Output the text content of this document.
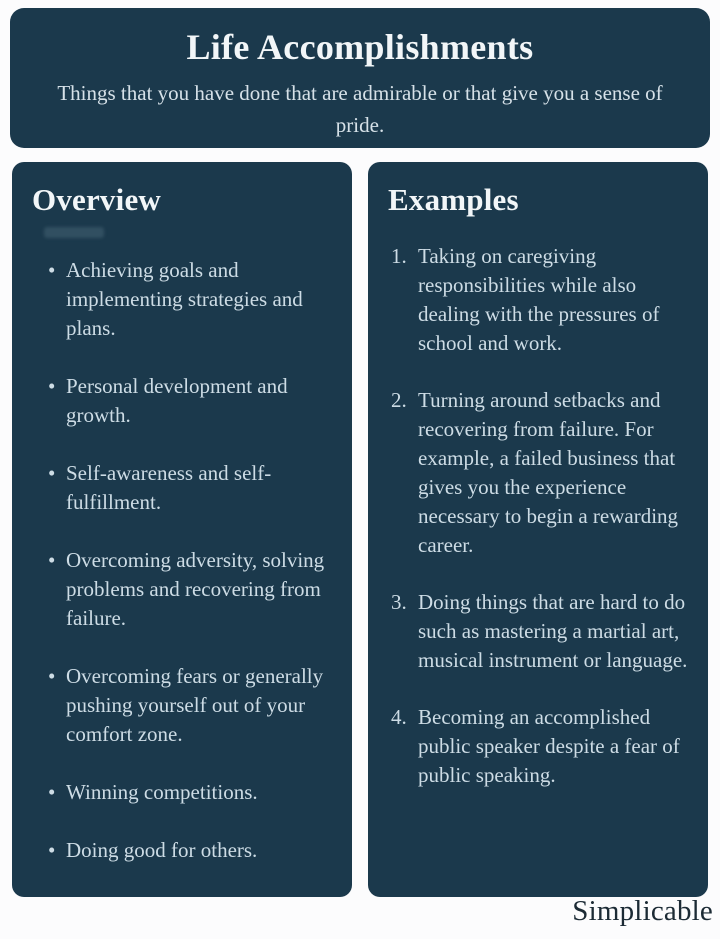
Life Accomplishments

Things that you have done that are admirable or that give you a sense of pride.

Overview
• Achieving goals and implementing strategies and plans.
• Personal development and growth.
• Self-awareness and self-fulfillment.
• Overcoming adversity, solving problems and recovering from failure.
• Overcoming fears or generally pushing yourself out of your comfort zone.
• Winning competitions.
• Doing good for others.
Examples
1. Taking on caregiving responsibilities while also dealing with the pressures of school and work.
2. Turning around setbacks and recovering from failure. For example, a failed business that gives you the experience necessary to begin a rewarding career.
3. Doing things that are hard to do such as mastering a martial art, musical instrument or language.
4. Becoming an accomplished public speaker despite a fear of public speaking.
Simplicable
